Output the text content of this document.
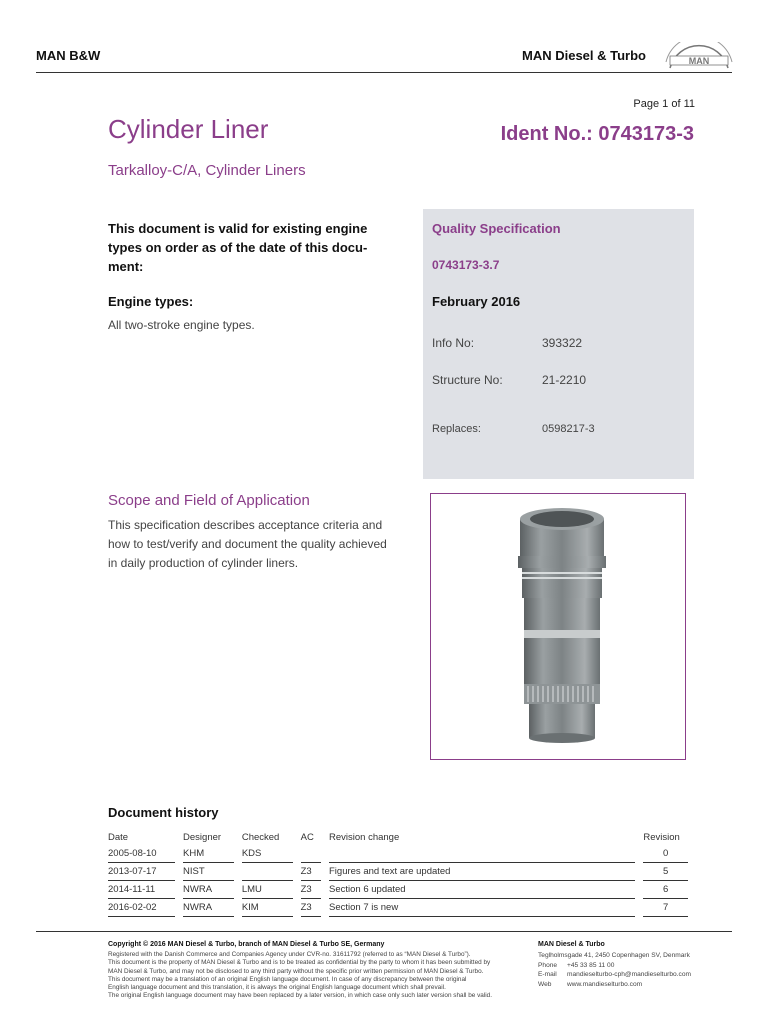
MAN B&W	MAN Diesel & Turbo	MAN
Page 1 of 11
Cylinder Liner	Ident No.: 0743173-3
Tarkalloy-C/A, Cylinder Liners
This document is valid for existing engine types on order as of the date of this docu-ment:
Engine types:
All two-stroke engine types.
Quality Specification
0743173-3.7
February 2016
Info No:	393322
Structure No:	21-2210
Replaces:	0598217-3
Scope and Field of Application
This specification describes acceptance criteria and how to test/verify and document the quality achieved in daily production of cylinder liners.
Document history
Date		Designer		Checked		AC		Revision change		Revision
2005-08-10		KHM		KDS						0
2013-07-17		NIST				Z3		Figures and text are updated		5
2014-11-11		NWRA		LMU		Z3		Section 6 updated		6
2016-02-02		NWRA		KIM		Z3		Section 7 is new		7
Copyright © 2016 MAN Diesel & Turbo, branch of MAN Diesel & Turbo SE, Germany
Registered with the Danish Commerce and Companies Agency under CVR-no. 31611792 (referred to as “MAN Diesel & Turbo”).
This document is the property of MAN Diesel & Turbo and is to be treated as confidential by the party to whom it has been submitted by
MAN Diesel & Turbo, and may not be disclosed to any third party without the specific prior written permission of MAN Diesel & Turbo.
This document may be a translation of an original English language document. In case of any discrepancy between the original
English language document and this translation, it is always the original English language document which shall prevail.
The original English language document may have been replaced by a later version, in which case only such later version shall be valid.
MAN Diesel & Turbo
Teglholmsgade 41, 2450 Copenhagen SV, Denmark
Phone +45 33 85 11 00
E-mail mandieselturbo-cph@mandieselturbo.com
Web www.mandieselturbo.com
